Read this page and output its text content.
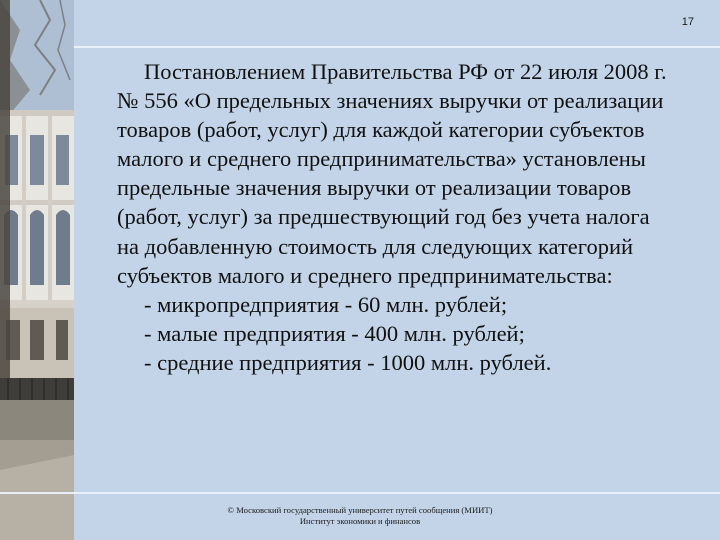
17
Постановлением Правительства РФ от 22 июля 2008 г. № 556 «О предельных значениях выручки от реализации товаров (работ, услуг) для каждой категории субъектов малого и среднего предпринимательства» установлены предельные значения выручки от реализации товаров (работ, услуг) за предшествующий год без учета налога на добавленную стоимость для следующих категорий субъектов малого и среднего предпринимательства:
- микропредприятия - 60 млн. рублей;
- малые предприятия - 400 млн. рублей;
- средние предприятия - 1000 млн. рублей.
© Московский государственный университет путей сообщения (МИИТ)
Институт экономики и финансов
